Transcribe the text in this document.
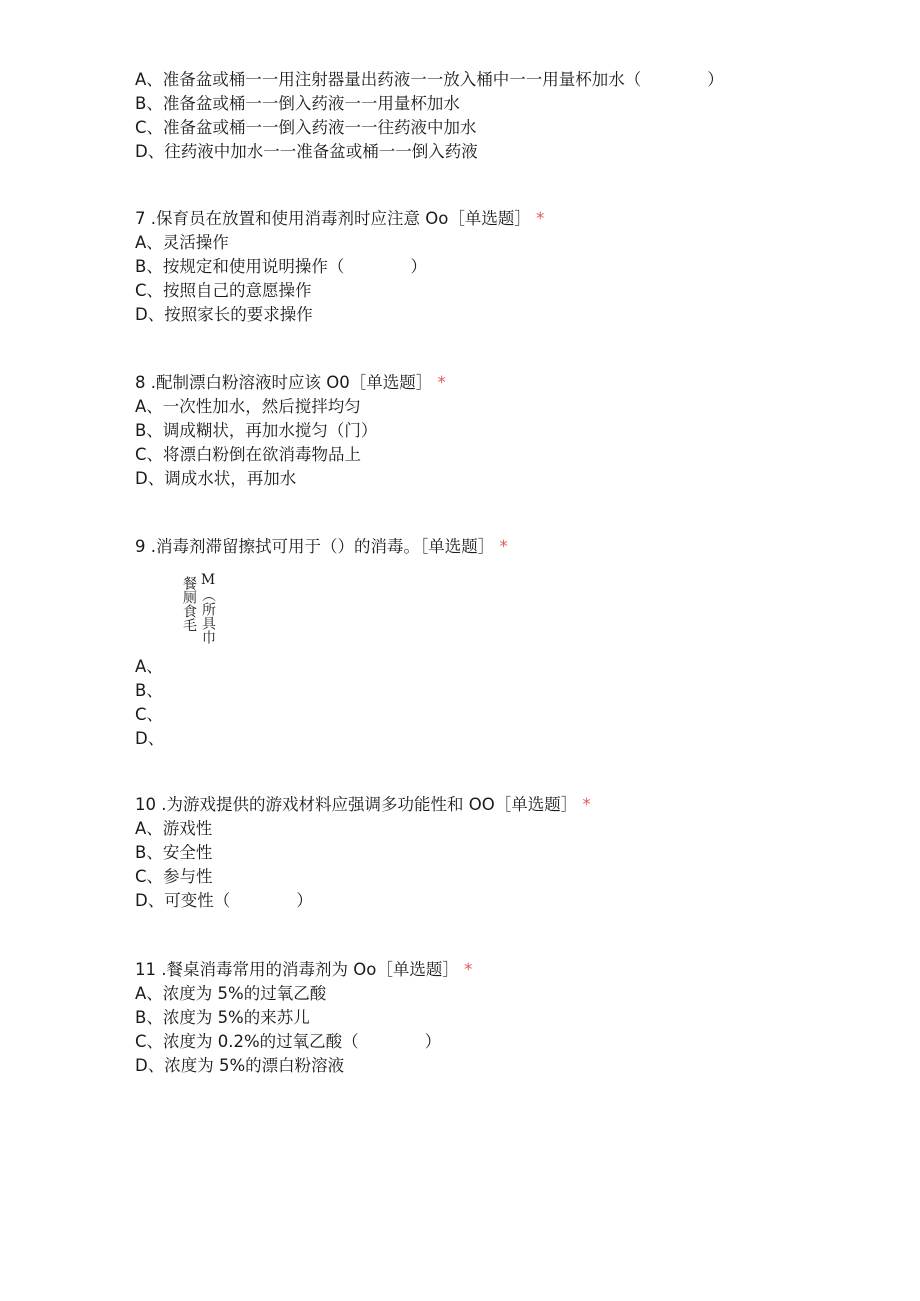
A、准备盆或桶一一用注射器量出药液一一放入桶中一一用量杯加水（　　　　）
B、准备盆或桶一一倒入药液一一用量杯加水
C、准备盆或桶一一倒入药液一一往药液中加水
D、往药液中加水一一准备盆或桶一一倒入药液
7 .保育员在放置和使用消毒剂时应注意 Oo［单选题］ *
A、灵活操作
B、按规定和使用说明操作（　　　　）
C、按照自己的意愿操作
D、按照家长的要求操作
8 .配制漂白粉溶液时应该 O0［单选题］ *
A、一次性加水，然后搅拌均匀
B、调成糊状，再加水搅匀（门）
C、将漂白粉倒在欲消毒物品上
D、调成水状，再加水
9 .消毒剂滞留擦拭可用于（）的消毒。［单选题］ *
餐厕食毛 M（所具巾
A、
B、
C、
D、
10 .为游戏提供的游戏材料应强调多功能性和 OO［单选题］ *
A、游戏性
B、安全性
C、参与性
D、可变性（　　　　）
11 .餐桌消毒常用的消毒剂为 Oo［单选题］ *
A、浓度为 5%的过氧乙酸
B、浓度为 5%的来苏儿
C、浓度为 0.2%的过氧乙酸（　　　　）
D、浓度为 5%的漂白粉溶液
